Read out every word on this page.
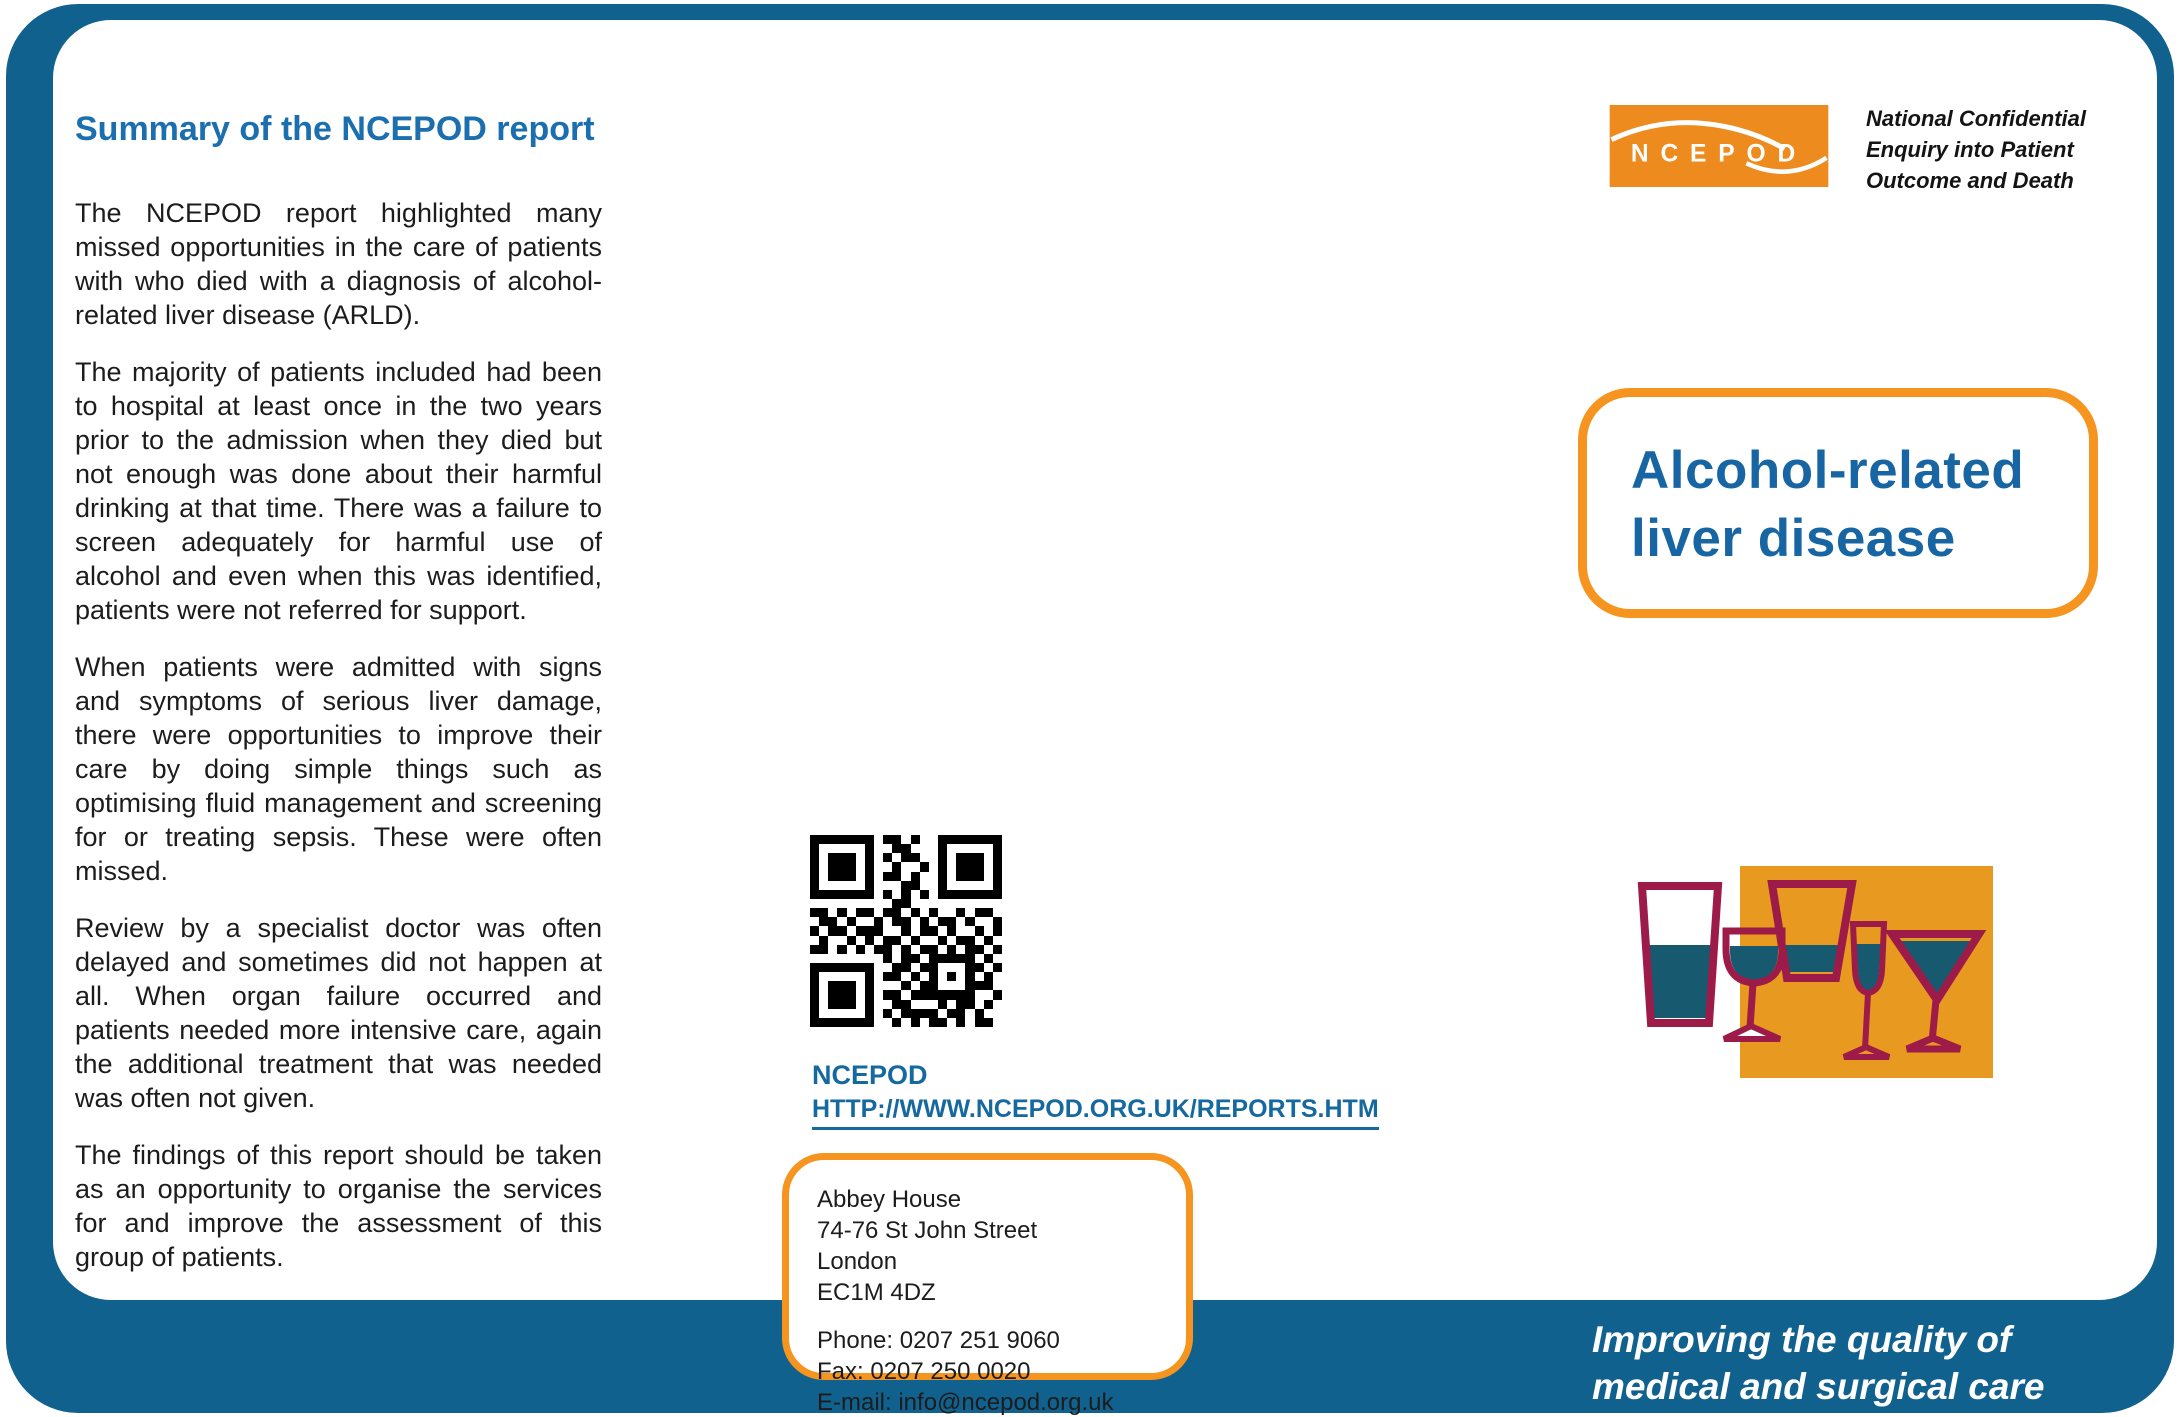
Summary of the NCEPOD report

The NCEPOD report highlighted many missed opportunities in the care of patients with who died with a diagnosis of alcohol-related liver disease (ARLD).

The majority of patients included had been to hospital at least once in the two years prior to the admission when they died but not enough was done about their harmful drinking at that time. There was a failure to screen adequately for harmful use of alcohol and even when this was identified, patients were not referred for support.

When patients were admitted with signs and symptoms of serious liver damage, there were opportunities to improve their care by doing simple things such as optimising fluid management and screening for or treating sepsis. These were often missed.

Review by a specialist doctor was often delayed and sometimes did not happen at all. When organ failure occurred and patients needed more intensive care, again the additional treatment that was needed was often not given.

The findings of this report should be taken as an opportunity to organise the services for and improve the assessment of this group of patients.

NCEPOD
National Confidential
Enquiry into Patient
Outcome and Death
Alcohol-related
liver disease
NCEPOD
HTTP://WWW.NCEPOD.ORG.UK/REPORTS.HTM
Abbey House
74-76 St John Street
London
EC1M 4DZ
Phone: 0207 251 9060
Fax: 0207 250 0020
E-mail: info@ncepod.org.uk
Improving the quality of
medical and surgical care
